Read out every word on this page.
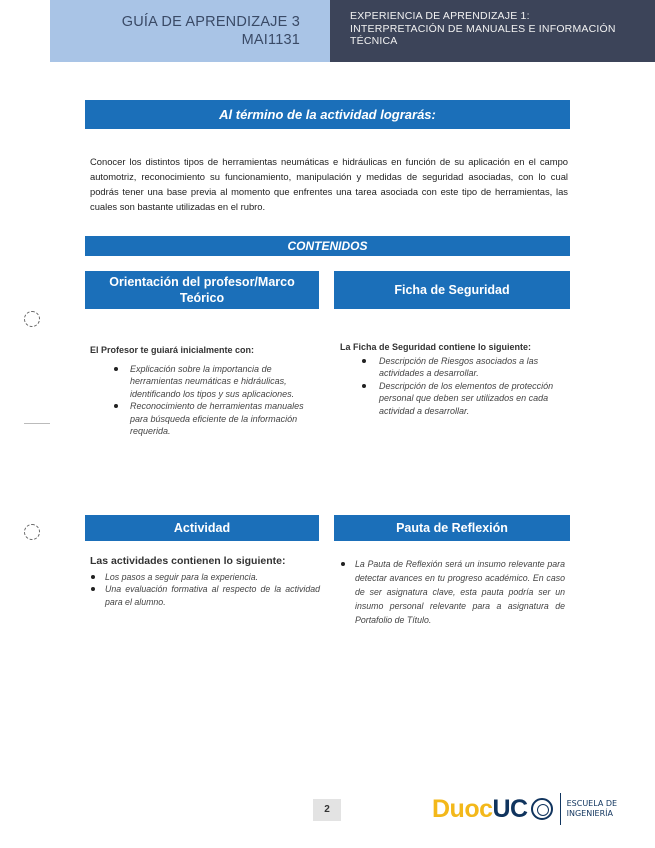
GUÍA DE APRENDIZAJE 3
MAI1131
EXPERIENCIA DE APRENDIZAJE 1:
INTERPRETACIÓN DE MANUALES E INFORMACIÓN
TÉCNICA
Al término de la actividad lograrás:

Conocer los distintos tipos de herramientas neumáticas e hidráulicas en función de su aplicación en el campo automotriz, reconocimiento su funcionamiento, manipulación y medidas de seguridad asociadas, con lo cual podrás tener una base previa al momento que enfrentes una tarea asociada con este tipo de herramientas, las cuales son bastante utilizadas en el rubro.

CONTENIDOS
Orientación del profesor/Marco Teórico
Ficha de Seguridad
El Profesor te guiará inicialmente con:
Explicación sobre la importancia de herramientas neumáticas e hidráulicas, identificando los tipos y sus aplicaciones.
Reconocimiento de herramientas manuales para búsqueda eficiente de la información requerida.
La Ficha de Seguridad contiene lo siguiente:
Descripción de Riesgos asociados a las actividades a desarrollar.
Descripción de los elementos de protección personal que deben ser utilizados en cada actividad a desarrollar.
Actividad	Pauta de Reflexión
Las actividades contienen lo siguiente:
Los pasos a seguir para la experiencia.
Una evaluación formativa al respecto de la actividad para el alumno.
La Pauta de Reflexión será un insumo relevante para detectar avances en tu progreso académico. En caso de ser asignatura clave, esta pauta podría ser un insumo personal relevante para a asignatura de Portafolio de Título.
2	Duoc UC	ESCUELA DE
INGENIERÍA
